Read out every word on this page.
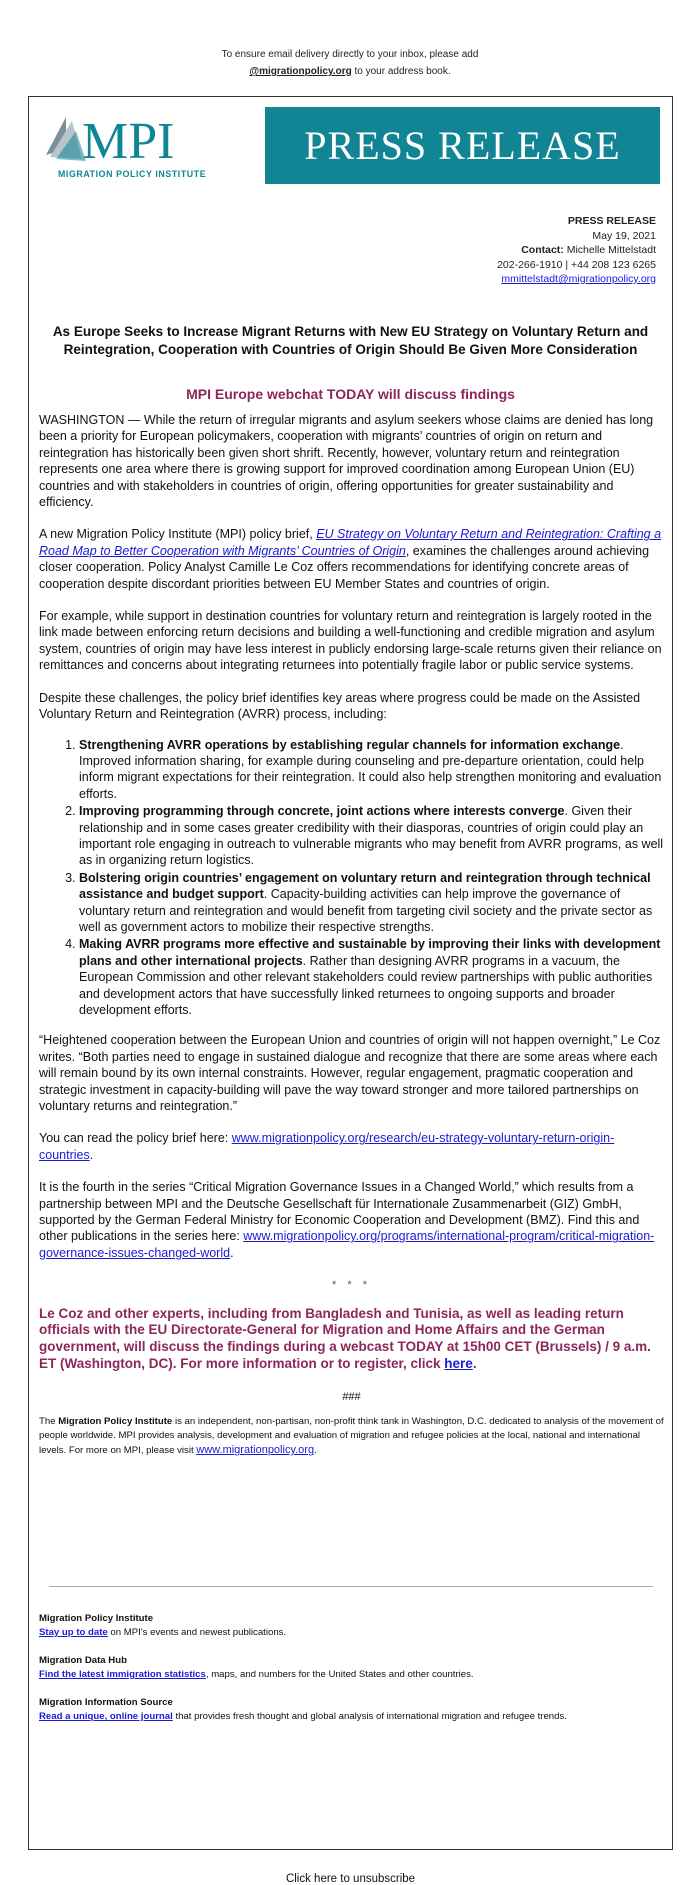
To ensure email delivery directly to your inbox, please add
@migrationpolicy.org to your address book.
MPI
MIGRATION POLICY INSTITUTE
PRESS RELEASE
PRESS RELEASE
May 19, 2021
Contact: Michelle Mittelstadt
202-266-1910 | +44 208 123 6265
mmittelstadt@migrationpolicy.org
As Europe Seeks to Increase Migrant Returns with New EU Strategy on Voluntary Return and Reintegration, Cooperation with Countries of Origin Should Be Given More Consideration
MPI Europe webchat TODAY will discuss findings

WASHINGTON — While the return of irregular migrants and asylum seekers whose claims are denied has long been a priority for European policymakers, cooperation with migrants’ countries of origin on return and reintegration has historically been given short shrift. Recently, however, voluntary return and reintegration represents one area where there is growing support for improved coordination among European Union (EU) countries and with stakeholders in countries of origin, offering opportunities for greater sustainability and efficiency.

A new Migration Policy Institute (MPI) policy brief, EU Strategy on Voluntary Return and Reintegration: Crafting a Road Map to Better Cooperation with Migrants’ Countries of Origin, examines the challenges around achieving closer cooperation. Policy Analyst Camille Le Coz offers recommendations for identifying concrete areas of cooperation despite discordant priorities between EU Member States and countries of origin.

For example, while support in destination countries for voluntary return and reintegration is largely rooted in the link made between enforcing return decisions and building a well-functioning and credible migration and asylum system, countries of origin may have less interest in publicly endorsing large-scale returns given their reliance on remittances and concerns about integrating returnees into potentially fragile labor or public service systems.

Despite these challenges, the policy brief identifies key areas where progress could be made on the Assisted Voluntary Return and Reintegration (AVRR) process, including:

1. Strengthening AVRR operations by establishing regular channels for information exchange. Improved information sharing, for example during counseling and pre-departure orientation, could help inform migrant expectations for their reintegration. It could also help strengthen monitoring and evaluation efforts.
2. Improving programming through concrete, joint actions where interests converge. Given their relationship and in some cases greater credibility with their diasporas, countries of origin could play an important role engaging in outreach to vulnerable migrants who may benefit from AVRR programs, as well as in organizing return logistics.
3. Bolstering origin countries’ engagement on voluntary return and reintegration through technical assistance and budget support. Capacity-building activities can help improve the governance of voluntary return and reintegration and would benefit from targeting civil society and the private sector as well as government actors to mobilize their respective strengths.
4. Making AVRR programs more effective and sustainable by improving their links with development plans and other international projects. Rather than designing AVRR programs in a vacuum, the European Commission and other relevant stakeholders could review partnerships with public authorities and development actors that have successfully linked returnees to ongoing supports and broader development efforts.

“Heightened cooperation between the European Union and countries of origin will not happen overnight,” Le Coz writes. “Both parties need to engage in sustained dialogue and recognize that there are some areas where each will remain bound by its own internal constraints. However, regular engagement, pragmatic cooperation and strategic investment in capacity-building will pave the way toward stronger and more tailored partnerships on voluntary returns and reintegration.”

You can read the policy brief here: www.migrationpolicy.org/research/eu-strategy-voluntary-return-origin-countries.

It is the fourth in the series “Critical Migration Governance Issues in a Changed World,” which results from a partnership between MPI and the Deutsche Gesellschaft für Internationale Zusammenarbeit (GIZ) GmbH, supported by the German Federal Ministry for Economic Cooperation and Development (BMZ). Find this and other publications in the series here: www.migrationpolicy.org/programs/international-program/critical-migration-governance-issues-changed-world.

* * *

Le Coz and other experts, including from Bangladesh and Tunisia, as well as leading return officials with the EU Directorate-General for Migration and Home Affairs and the German government, will discuss the findings during a webcast TODAY at 15h00 CET (Brussels) / 9 a.m. ET (Washington, DC). For more information or to register, click here.

###

The Migration Policy Institute is an independent, non-partisan, non-profit think tank in Washington, D.C. dedicated to analysis of the movement of people worldwide. MPI provides analysis, development and evaluation of migration and refugee policies at the local, national and international levels. For more on MPI, please visit www.migrationpolicy.org.

Migration Policy Institute
Stay up to date on MPI's events and newest publications.
Migration Data Hub
Find the latest immigration statistics, maps, and numbers for the United States and other countries.
Migration Information Source
Read a unique, online journal that provides fresh thought and global analysis of international migration and refugee trends.
Click here to unsubscribe
